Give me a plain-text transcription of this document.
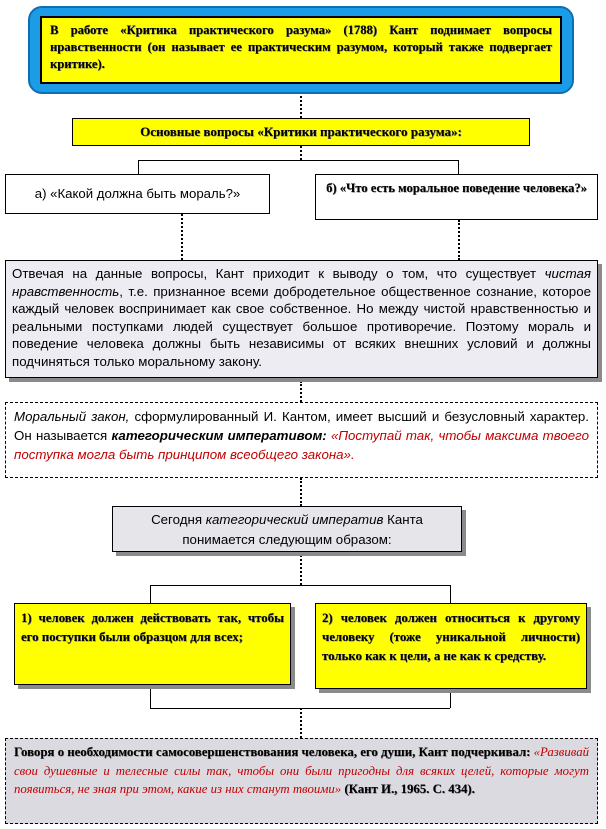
В работе «Критика практического разума» (1788) Кант поднимает вопросы нравственности (он называет ее практическим разумом, который также подвергает критике).
Основные вопросы «Критики практического разума»:
а) «Какой должна быть мораль?»	б) «Что есть моральное поведение человека?»
Отвечая на данные вопросы, Кант приходит к выводу о том, что существует чистая нравственность, т.е. признанное всеми добродетельное общественное сознание, которое каждый человек воспринимает как свое собственное. Но между чистой нравственностью и реальными поступками людей существует большое противоречие. Поэтому мораль и поведение человека должны быть независимы от всяких внешних условий и должны подчиняться только моральному закону.
Моральный закон, сформулированный И. Кантом, имеет высший и безусловный характер. Он называется категорическим императивом: «Поступай так, чтобы максима твоего поступка могла быть принципом всеобщего закона».
Сегодня категорический императив Канта понимается следующим образом:
1) человек должен действовать так, чтобы его поступки были образцом для всех;
2) человек должен относиться к другому человеку (тоже уникальной личности) только как к цели, а не как к средству.
Говоря о необходимости самосовершенствования человека, его души, Кант подчеркивал: «Развивай свои душевные и телесные силы так, чтобы они были пригодны для всяких целей, которые могут появиться, не зная при этом, какие из них станут твоими» (Кант И., 1965. С. 434).
